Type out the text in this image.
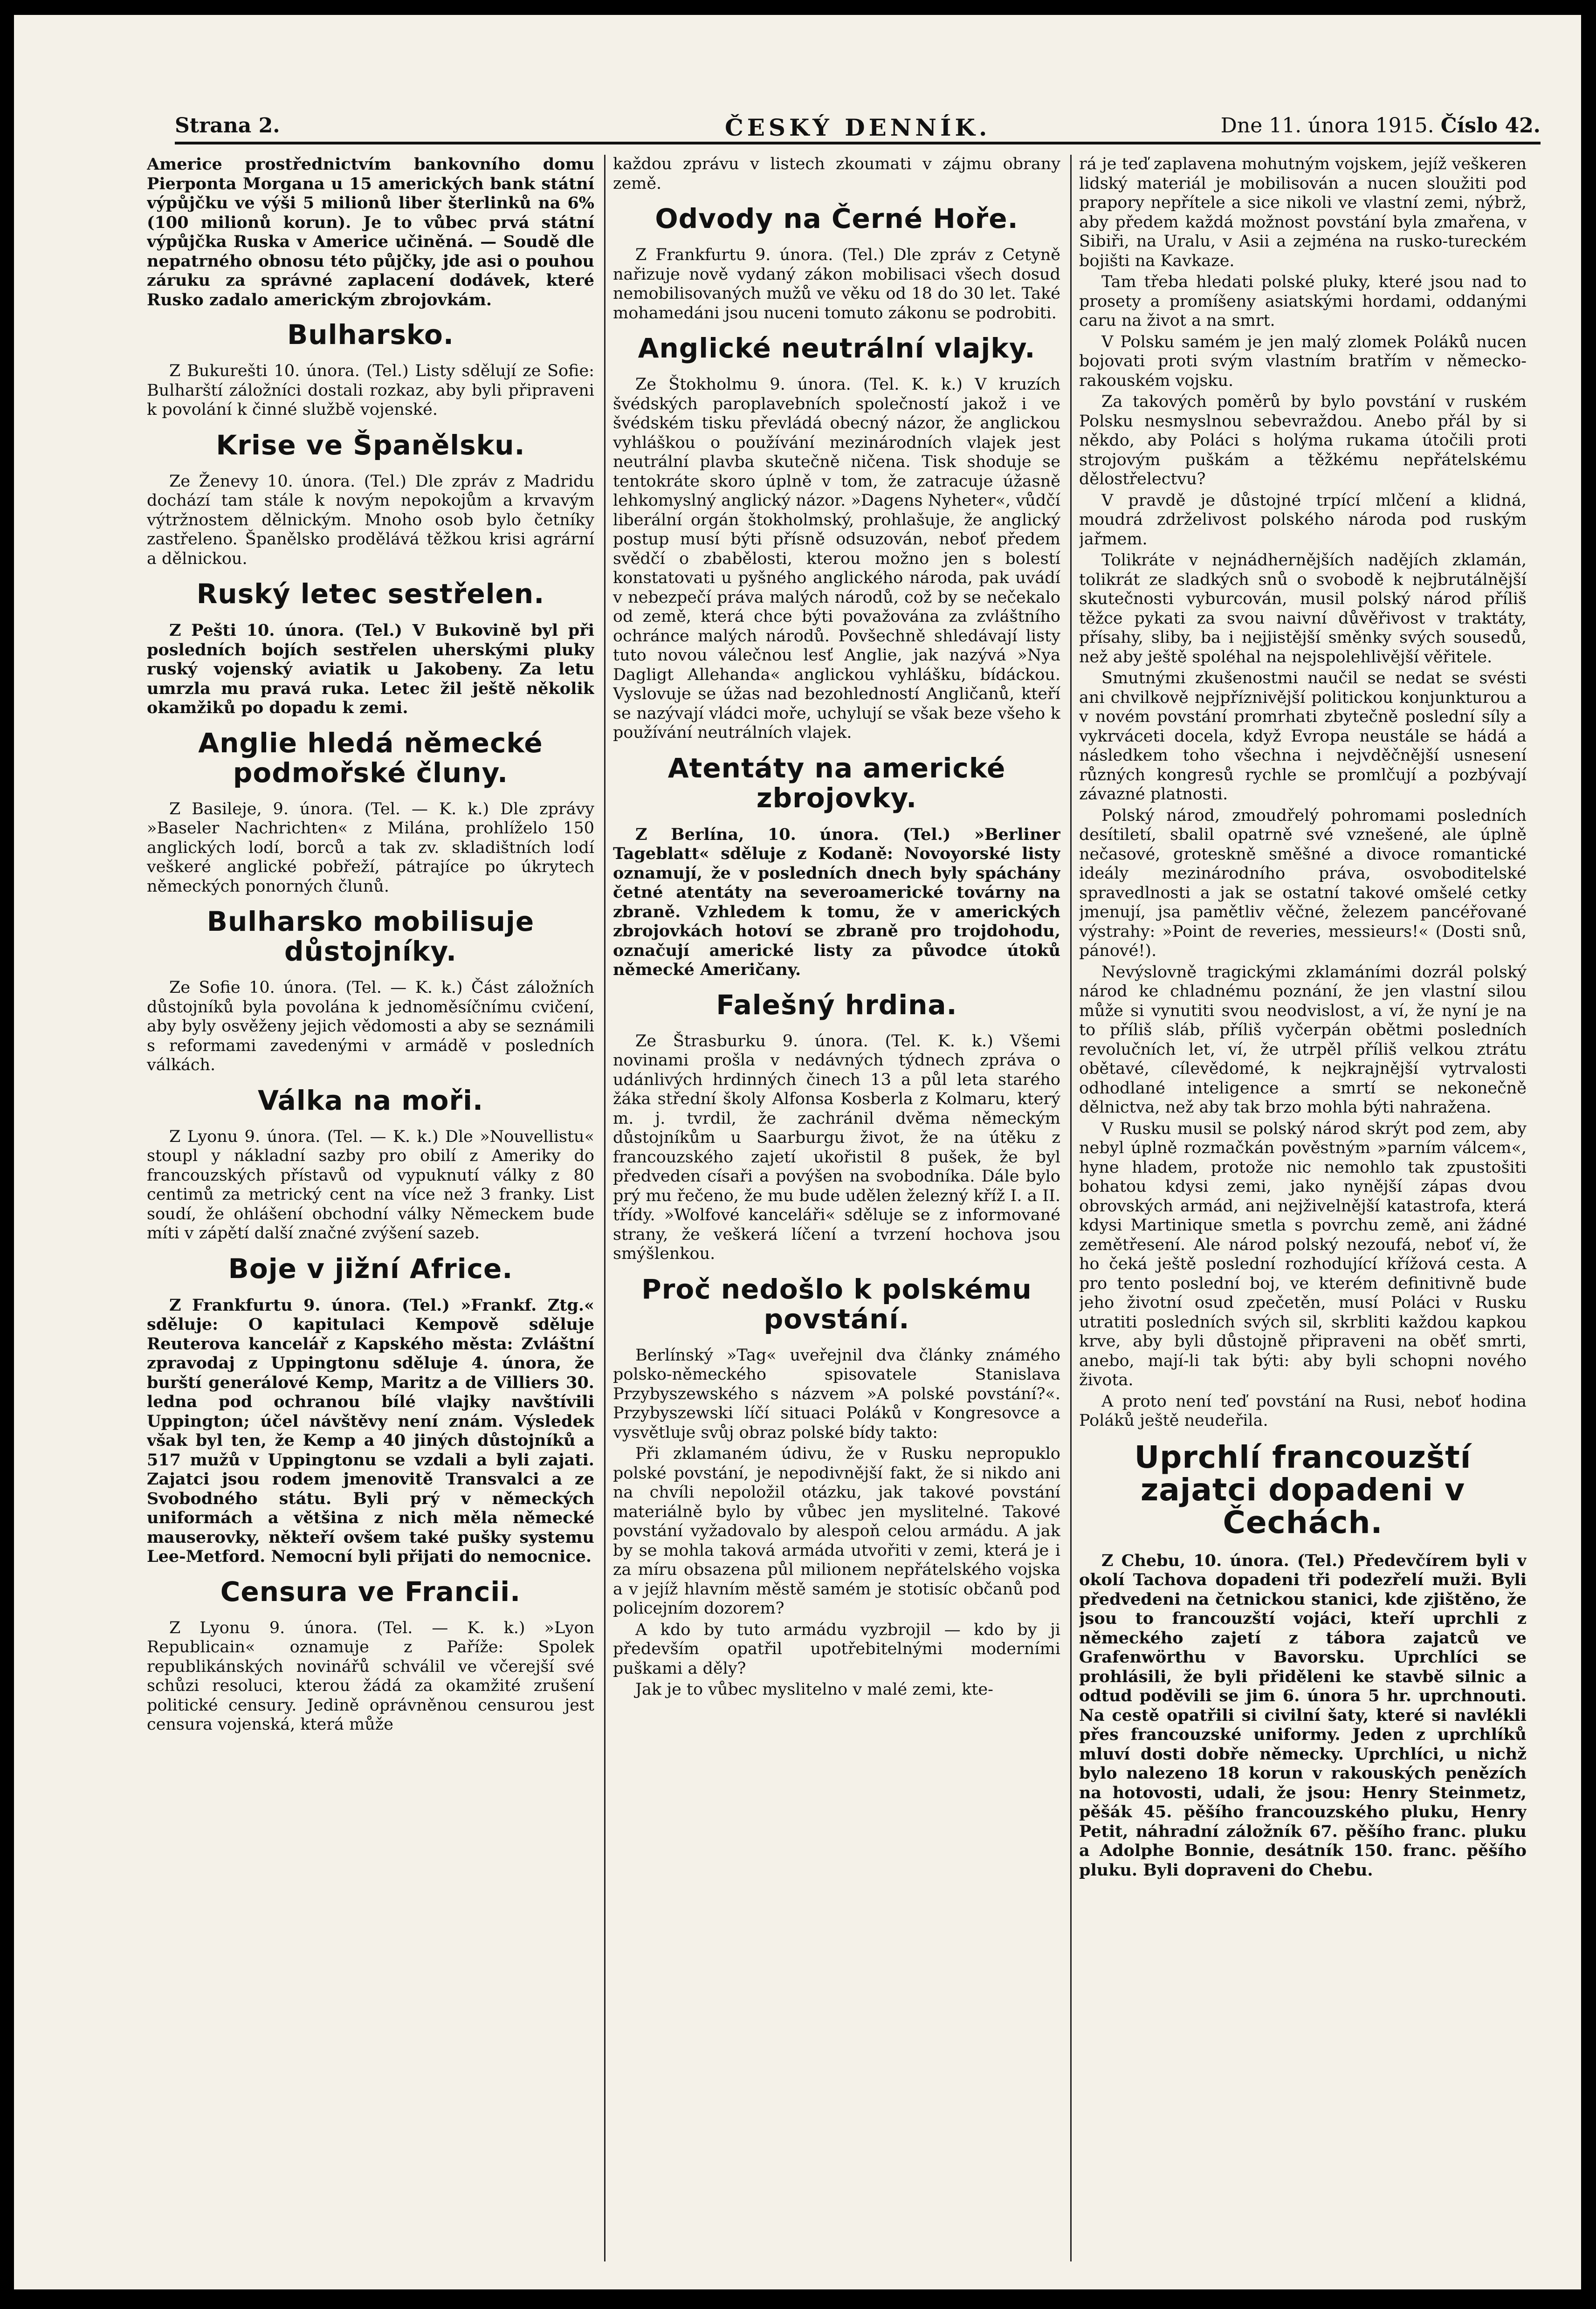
Strana 2.	ČESKÝ DENNÍK.	Dne 11. února 1915. Číslo 42.

Americe prostřednictvím bankovního domu Pierponta Morgana u 15 amerických bank státní výpůjčku ve výši 5 milionů liber šterlinků na 6% (100 milionů korun). Je to vůbec prvá státní výpůjčka Ruska v Americe učiněná. — Soudě dle nepatrného obnosu této půjčky, jde asi o pouhou záruku za správné zaplacení dodávek, které Rusko zadalo americkým zbrojovkám.

Bulharsko.

Z Bukurešti 10. února. (Tel.) Listy sdělují ze Sofie: Bulharští záložníci dostali rozkaz, aby byli připraveni k povolání k činné službě vojenské.

Krise ve Španělsku.

Ze Ženevy 10. února. (Tel.) Dle zpráv z Madridu dochází tam stále k novým nepokojům a krvavým výtržnostem dělnickým. Mnoho osob bylo četníky zastřeleno. Španělsko prodělává těžkou krisi agrární a dělnickou.

Ruský letec sestřelen.

Z Pešti 10. února. (Tel.) V Bukovině byl při posledních bojích sestřelen uherskými pluky ruský vojenský aviatik u Jakobeny. Za letu umrzla mu pravá ruka. Letec žil ještě několik okamžiků po dopadu k zemi.

Anglie hledá německé podmořské čluny.

Z Basileje, 9. února. (Tel. — K. k.) Dle zprávy »Baseler Nachrichten« z Milána, prohlíželo 150 anglických lodí, borců a tak zv. skladištních lodí veškeré anglické pobřeží, pátrajíce po úkrytech německých ponorných člunů.

Bulharsko mobilisuje důstojníky.

Ze Sofie 10. února. (Tel. — K. k.) Část záložních důstojníků byla povolána k jednoměsíčnímu cvičení, aby byly osvěženy jejich vědomosti a aby se seznámili s reformami zavedenými v armádě v posledních válkách.

Válka na moři.

Z Lyonu 9. února. (Tel. — K. k.) Dle »Nouvellistu« stoupl y nákladní sazby pro obilí z Ameriky do francouzských přístavů od vypuknutí války z 80 centimů za metrický cent na více než 3 franky. List soudí, že ohlášení obchodní války Německem bude míti v zápětí další značné zvýšení sazeb.

Boje v jižní Africe.

Z Frankfurtu 9. února. (Tel.) »Frankf. Ztg.« sděluje: O kapitulaci Kempově sděluje Reuterova kancelář z Kapského města: Zvláštní zpravodaj z Uppingtonu sděluje 4. února, že burští generálové Kemp, Maritz a de Villiers 30. ledna pod ochranou bílé vlajky navštívili Uppington; účel návštěvy není znám. Výsledek však byl ten, že Kemp a 40 jiných důstojníků a 517 mužů v Uppingtonu se vzdali a byli zajati. Zajatci jsou rodem jmenovitě Transvalci a ze Svobodného státu. Byli prý v německých uniformách a většina z nich měla německé mauserovky, někteří ovšem také pušky systemu Lee-Metford. Nemocní byli přijati do nemocnice.

Censura ve Francii.

Z Lyonu 9. února. (Tel. — K. k.) »Lyon Republicain« oznamuje z Paříže: Spolek republikánských novinářů schválil ve včerejší své schůzi resoluci, kterou žádá za okamžité zrušení politické censury. Jedině oprávněnou censurou jest censura vojenská, která může

každou zprávu v listech zkoumati v zájmu obrany země.

Odvody na Černé Hoře.

Z Frankfurtu 9. února. (Tel.) Dle zpráv z Cetyně nařizuje nově vydaný zákon mobilisaci všech dosud nemobilisovaných mužů ve věku od 18 do 30 let. Také mohamedáni jsou nuceni tomuto zákonu se podrobiti.

Anglické neutrální vlajky.

Ze Štokholmu 9. února. (Tel. K. k.) V kruzích švédských paroplavebních společností jakož i ve švédském tisku převládá obecný názor, že anglickou vyhláškou o používání mezinárodních vlajek jest neutrální plavba skutečně ničena. Tisk shoduje se tentokráte skoro úplně v tom, že zatracuje úžasně lehkomyslný anglický názor. »Dagens Nyheter«, vůdčí liberální orgán štokholmský, prohlašuje, že anglický postup musí býti přísně odsuzován, neboť předem svědčí o zbabělosti, kterou možno jen s bolestí konstatovati u pyšného anglického národa, pak uvádí v nebezpečí práva malých národů, což by se nečekalo od země, která chce býti považována za zvláštního ochránce malých národů. Povšechně shledávají listy tuto novou válečnou lesť Anglie, jak nazývá »Nya Dagligt Allehanda« anglickou vyhlášku, bídáckou. Vyslovuje se úžas nad bezohledností Angličanů, kteří se nazývají vládci moře, uchylují se však beze všeho k používání neutrálních vlajek.

Atentáty na americké zbrojovky.

Z Berlína, 10. února. (Tel.) »Berliner Tageblatt« sděluje z Kodaně: Novoyorské listy oznamují, že v posledních dnech byly spáchány četné atentáty na severoamerické továrny na zbraně. Vzhledem k tomu, že v amerických zbrojovkách hotoví se zbraně pro trojdohodu, označují americké listy za původce útoků německé Američany.

Falešný hrdina.

Ze Štrasburku 9. února. (Tel. K. k.) Všemi novinami prošla v nedávných týdnech zpráva o udánlivých hrdinných činech 13 a půl leta starého žáka střední školy Alfonsa Kosberla z Kolmaru, který m. j. tvrdil, že zachránil dvěma německým důstojníkům u Saarburgu život, že na útěku z francouzského zajetí ukořistil 8 pušek, že byl předveden císaři a povýšen na svobodníka. Dále bylo prý mu řečeno, že mu bude udělen železný kříž I. a II. třídy. »Wolfové kanceláři« sděluje se z informované strany, že veškerá líčení a tvrzení hochova jsou smýšlenkou.

Proč nedošlo k polskému povstání.

Berlínský »Tag« uveřejnil dva články známého polsko-německého spisovatele Stanislava Przybyszewského s názvem »A polské povstání?«. Przybyszewski líčí situaci Poláků v Kongresovce a vysvětluje svůj obraz polské bídy takto:

Při zklamaném údivu, že v Rusku nepropuklo polské povstání, je nepodivnější fakt, že si nikdo ani na chvíli nepoložil otázku, jak takové povstání materiálně bylo by vůbec jen myslitelné. Takové povstání vyžadovalo by alespoň celou armádu. A jak by se mohla taková armáda utvořiti v zemi, která je i za míru obsazena půl milionem nepřátelského vojska a v jejíž hlavním městě samém je stotisíc občanů pod policejním dozorem?

A kdo by tuto armádu vyzbrojil — kdo by ji především opatřil upotřebitelnými moderními puškami a děly?

Jak je to vůbec myslitelno v malé zemi, kte-

rá je teď zaplavena mohutným vojskem, jejíž veškeren lidský materiál je mobilisován a nucen sloužiti pod prapory nepřítele a sice nikoli ve vlastní zemi, nýbrž, aby předem každá možnost povstání byla zmařena, v Sibiři, na Uralu, v Asii a zejména na rusko-tureckém bojišti na Kavkaze.

Tam třeba hledati polské pluky, které jsou nad to prosety a promíšeny asiatskými hordami, oddanými caru na život a na smrt.

V Polsku samém je jen malý zlomek Poláků nucen bojovati proti svým vlastním bratřím v německo-rakouském vojsku.

Za takových poměrů by bylo povstání v ruském Polsku nesmyslnou sebevraždou. Anebo přál by si někdo, aby Poláci s holýma rukama útočili proti strojovým puškám a těžkému nepřátelskému dělostřelectvu?

V pravdě je důstojné trpící mlčení a klidná, moudrá zdrželivost polského národa pod ruským jařmem.

Tolikráte v nejnádhernějších nadějích zklamán, tolikrát ze sladkých snů o svobodě k nejbrutálnější skutečnosti vyburcován, musil polský národ příliš těžce pykati za svou naivní důvěřivost v traktáty, přísahy, sliby, ba i nejjistější směnky svých sousedů, než aby ještě spoléhal na nejspolehlivější věřitele.

Smutnými zkušenostmi naučil se nedat se svésti ani chvilkově nejpříznivější politickou konjunkturou a v novém povstání promrhati zbytečně poslední síly a vykrváceti docela, když Evropa neustále se hádá a následkem toho všechna i nejvděčnější usnesení různých kongresů rychle se promlčují a pozbývají závazné platnosti.

Polský národ, zmoudřelý pohromami posledních desítiletí, sbalil opatrně své vznešené, ale úplně nečasové, groteskně směšné a divoce romantické ideály mezinárodního práva, osvoboditelské spravedlnosti a jak se ostatní takové omšelé cetky jmenují, jsa pamětliv věčné, železem pancéřované výstrahy: »Point de reveries, messieurs!« (Dosti snů, pánové!).

Nevýslovně tragickými zklamáními dozrál polský národ ke chladnému poznání, že jen vlastní silou může si vynutiti svou neodvislost, a ví, že nyní je na to příliš sláb, příliš vyčerpán obětmi posledních revolučních let, ví, že utrpěl příliš velkou ztrátu obětavé, cílevědomé, k nejkrajnější vytrvalosti odhodlané inteligence a smrtí se nekonečně dělnictva, než aby tak brzo mohla býti nahražena.

V Rusku musil se polský národ skrýt pod zem, aby nebyl úplně rozmačkán pověstným »parním válcem«, hyne hladem, protože nic nemohlo tak zpustošiti bohatou kdysi zemi, jako nynější zápas dvou obrovských armád, ani nejživelnější katastrofa, která kdysi Martinique smetla s povrchu země, ani žádné zemětřesení. Ale národ polský nezoufá, neboť ví, že ho čeká ještě poslední rozhodující křížová cesta. A pro tento poslední boj, ve kterém definitivně bude jeho životní osud zpečetěn, musí Poláci v Rusku utratiti posledních svých sil, skrbliti každou kapkou krve, aby byli důstojně připraveni na oběť smrti, anebo, mají-li tak býti: aby byli schopni nového života.

A proto není teď povstání na Rusi, neboť hodina Poláků ještě neudeřila.

Uprchlí francouzští zajatci dopadeni v Čechách.

Z Chebu, 10. února. (Tel.) Předevčírem byli v okolí Tachova dopadeni tři podezřelí muži. Byli předvedeni na četnickou stanici, kde zjištěno, že jsou to francouzští vojáci, kteří uprchli z německého zajetí z tábora zajatců ve Grafenwörthu v Bavorsku. Uprchlíci se prohlásili, že byli přiděleni ke stavbě silnic a odtud poděvili se jim 6. února 5 hr. uprchnouti. Na cestě opatřili si civilní šaty, které si navlékli přes francouzské uniformy. Jeden z uprchlíků mluví dosti dobře německy. Uprchlíci, u nichž bylo nalezeno 18 korun v rakouských penězích na hotovosti, udali, že jsou: Henry Steinmetz, pěšák 45. pěšího francouzského pluku, Henry Petit, náhradní záložník 67. pěšího franc. pluku a Adolphe Bonnie, desátník 150. franc. pěšího pluku. Byli dopraveni do Chebu.
